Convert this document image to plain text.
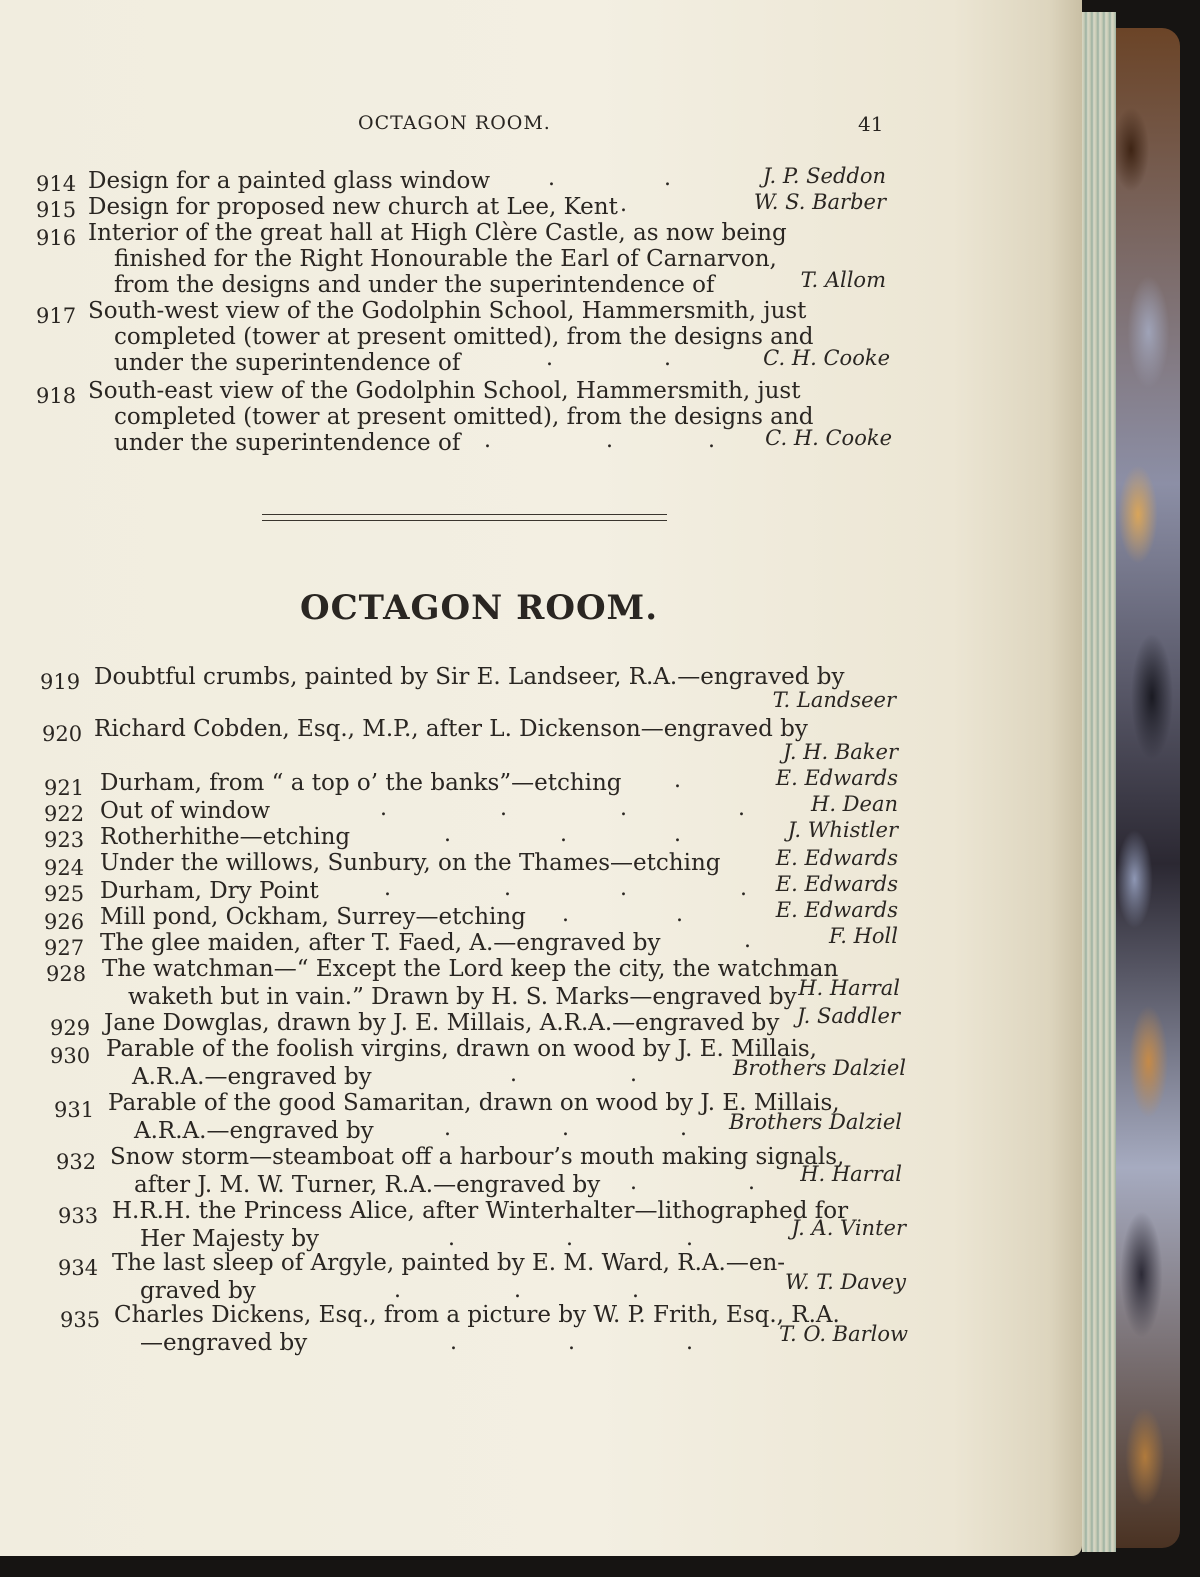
OCTAGON ROOM.	41
914 Design for a painted glass window	.	.	J. P. Seddon
915 Design for proposed new church at Lee, Kent .	W. S. Barber
916 Interior of the great hall at High Clère Castle, as now being
finished for the Right Honourable the Earl of Carnarvon,
from the designs and under the superintendence of	T. Allom
917 South-west view of the Godolphin School, Hammersmith, just
completed (tower at present omitted), from the designs and
under the superintendence of	.	.	C. H. Cooke
918 South-east view of the Godolphin School, Hammersmith, just
completed (tower at present omitted), from the designs and
under the superintendence of .	.	. C. H. Cooke
OCTAGON ROOM.
919 Doubtful crumbs, painted by Sir E. Landseer, R.A.—engraved by
T. Landseer
920 Richard Cobden, Esq., M.P., after L. Dickenson—engraved by
J. H. Baker
921 Durham, from “ a top o’ the banks”—etching .	E. Edwards
922 Out of window	.	.	.	.	H. Dean
923 Rotherhithe—etching	.	.	.	J. Whistler
924 Under the willows, Sunbury, on the Thames—etching	E. Edwards
925 Durham, Dry Point	.	.	.	. E. Edwards
926 Mill pond, Ockham, Surrey—etching .	.	E. Edwards
927 The glee maiden, after T. Faed, A.—engraved by	.	F. Holl
928 The watchman—“ Except the Lord keep the city, the watchman
waketh but in vain.” Drawn by H. S. Marks—engraved by H. Harral
929 Jane Dowglas, drawn by J. E. Millais, A.R.A.—engraved by J. Saddler
930 Parable of the foolish virgins, drawn on wood by J. E. Millais,
A.R.A.—engraved by	.	.	Brothers Dalziel
931 Parable of the good Samaritan, drawn on wood by J. E. Millais,
A.R.A.—engraved by	.	.	. Brothers Dalziel
932 Snow storm—steamboat off a harbour’s mouth making signals,
after J. M. W. Turner, R.A.—engraved by .	. H. Harral
933 H.R.H. the Princess Alice, after Winterhalter—lithographed for
Her Majesty by	.	.	.	J. A. Vinter
934 The last sleep of Argyle, painted by E. M. Ward, R.A.—en-
graved by	.	.	.	W. T. Davey
935 Charles Dickens, Esq., from a picture by W. P. Frith, Esq., R.A.
—engraved by	.	.	.	T. O. Barlow
